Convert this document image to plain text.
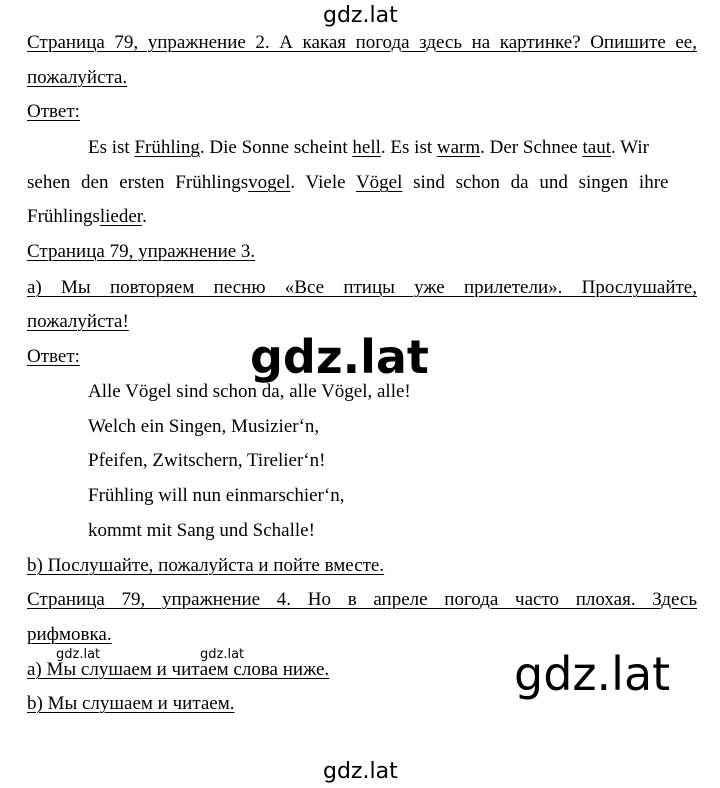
gdz.lat
gdz.lat
gdz.lat	gdz.lat	gdz.lat
gdz.lat
Страница 79, упражнение 2. А какая погода здесь на картинке? Опишите ее,
пожалуйста.
Ответ:
Es ist Frühling. Die Sonne scheint hell. Es ist warm. Der Schnee taut. Wir
sehen den ersten Frühlingsvogel. Viele Vögel sind schon da und singen ihre
Frühlingslieder.
Страница 79, упражнение 3.
а) Мы повторяем песню «Все птицы уже прилетели». Прослушайте,
пожалуйста!
Ответ:
Alle Vögel sind schon da, alle Vögel, alle!
Welch ein Singen, Musizier‘n,
Pfeifen, Zwitschern, Tirelier‘n!
Frühling will nun einmarschier‘n,
kommt mit Sang und Schalle!
b) Послушайте, пожалуйста и пойте вместе.
Страница 79, упражнение 4. Но в апреле погода часто плохая. Здесь
рифмовка.
а) Мы слушаем и читаем слова ниже.
b) Мы слушаем и читаем.
